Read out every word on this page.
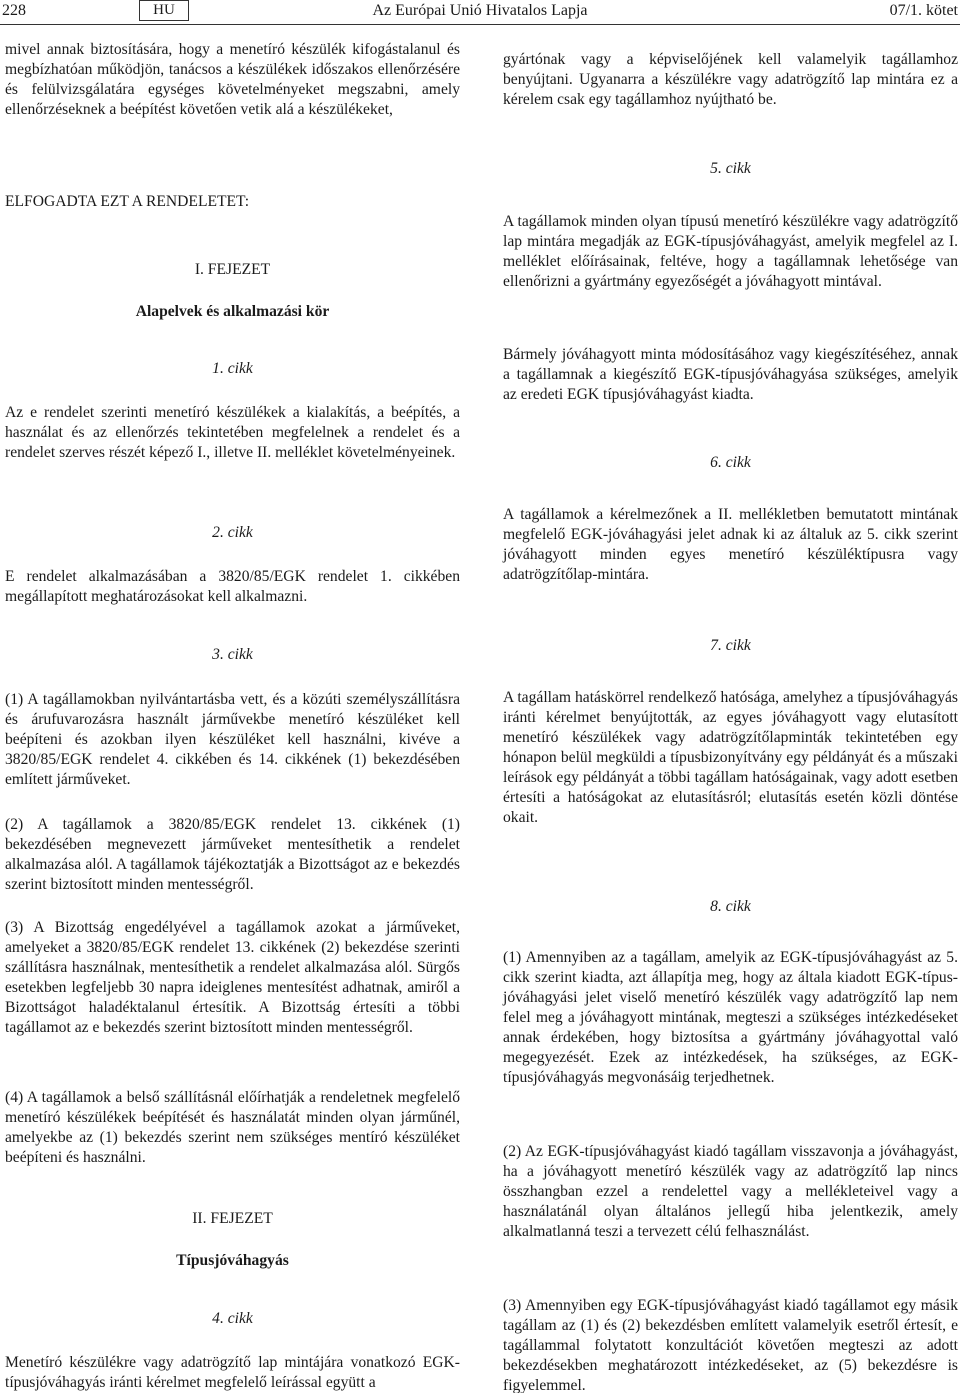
228	HU	Az Európai Unió Hivatalos Lapja	07/1. kötet

mivel annak biztosítására, hogy a menetíró készülék kifogástalanul és megbízhatóan működjön, tanácsos a készülékek időszakos ellenőrzésére és felülvizsgálatára egységes követelményeket megszabni, amely ellenőrzéseknek a beépítést követően vetik alá a készülékeket,

ELFOGADTA EZT A RENDELETET:
I. FEJEZET
Alapelvek és alkalmazási kör
1. cikk

Az e rendelet szerinti menetíró készülékek a kialakítás, a beépítés, a használat és az ellenőrzés tekintetében megfelelnek a rendelet és a rendelet szerves részét képező I., illetve II. melléklet követelményeinek.

2. cikk

E rendelet alkalmazásában a 3820/85/EGK rendelet 1. cikkében megállapított meghatározásokat kell alkalmazni.

3. cikk

(1) A tagállamokban nyilvántartásba vett, és a közúti személyszállításra és árufuvarozásra használt járművekbe menetíró készüléket kell beépíteni és azokban ilyen készüléket kell használni, kivéve a 3820/85/EGK rendelet 4. cikkében és 14. cikkének (1) bekezdésében említett járműveket.

(2) A tagállamok a 3820/85/EGK rendelet 13. cikkének (1) bekezdésében megnevezett járműveket mentesíthetik a rendelet alkalmazása alól. A tagállamok tájékoztatják a Bizottságot az e bekezdés szerint biztosított minden mentességről.

(3) A Bizottság engedélyével a tagállamok azokat a járműveket, amelyeket a 3820/85/EGK rendelet 13. cikkének (2) bekezdése szerinti szállításra használnak, mentesíthetik a rendelet alkalmazása alól. Sürgős esetekben legfeljebb 30 napra ideiglenes mentesítést adhatnak, amiről a Bizottságot haladéktalanul értesítik. A Bizottság értesíti a többi tagállamot az e bekezdés szerint biztosított minden mentességről.

(4) A tagállamok a belső szállításnál előírhatják a rendeletnek megfelelő menetíró készülékek beépítését és használatát minden olyan járműnél, amelyekbe az (1) bekezdés szerint nem szükséges mentíró készüléket beépíteni és használni.

II. FEJEZET
Típusjóváhagyás
4. cikk

Menetíró készülékre vagy adatrögzítő lap mintájára vonatkozó EGK-típusjóváhagyás iránti kérelmet megfelelő leírással együtt a

gyártónak vagy a képviselőjének kell valamelyik tagállamhoz benyújtani. Ugyanarra a készülékre vagy adatrögzítő lap mintára ez a kérelem csak egy tagállamhoz nyújtható be.

5. cikk

A tagállamok minden olyan típusú menetíró készülékre vagy adatrögzítő lap mintára megadják az EGK-típusjóváhagyást, amelyik megfelel az I. melléklet előírásainak, feltéve, hogy a tagállamnak lehetősége van ellenőrizni a gyártmány egyezőségét a jóváhagyott mintával.

Bármely jóváhagyott minta módosításához vagy kiegészítéséhez, annak a tagállamnak a kiegészítő EGK-típusjóváhagyása szükséges, amelyik az eredeti EGK típusjóváhagyást kiadta.

6. cikk

A tagállamok a kérelmezőnek a II. mellékletben bemutatott mintának megfelelő EGK-jóváhagyási jelet adnak ki az általuk az 5. cikk szerint jóváhagyott minden egyes menetíró készüléktípusra vagy adatrögzítőlap-mintára.

7. cikk

A tagállam hatáskörrel rendelkező hatósága, amelyhez a típusjóváhagyás iránti kérelmet benyújtották, az egyes jóváhagyott vagy elutasított menetíró készülékek vagy adatrögzítőlapminták tekintetében egy hónapon belül megküldi a típusbizonyítvány egy példányát és a műszaki leírások egy példányát a többi tagállam hatóságainak, vagy adott esetben értesíti a hatóságokat az elutasításról; elutasítás esetén közli döntése okait.

8. cikk

(1) Amennyiben az a tagállam, amelyik az EGK-típusjóváhagyást az 5. cikk szerint kiadta, azt állapítja meg, hogy az általa kiadott EGK-típus-jóváhagyási jelet viselő menetíró készülék vagy adatrögzítő lap nem felel meg a jóváhagyott mintának, megteszi a szükséges intézkedéseket annak érdekében, hogy biztosítsa a gyártmány jóváhagyottal való megegyezését. Ezek az intézkedések, ha szükséges, az EGK-típusjóváhagyás megvonásáig terjedhetnek.

(2) Az EGK-típusjóváhagyást kiadó tagállam visszavonja a jóváhagyást, ha a jóváhagyott menetíró készülék vagy az adatrögzítő lap nincs összhangban ezzel a rendelettel vagy a mellékleteivel vagy a használatánál olyan általános jellegű hiba jelentkezik, amely alkalmatlanná teszi a tervezett célú felhasználást.

(3) Amennyiben egy EGK-típusjóváhagyást kiadó tagállamot egy másik tagállam az (1) és (2) bekezdésben említett valamelyik esetről értesít, e tagállammal folytatott konzultációt követően megteszi az adott bekezdésekben meghatározott intézkedéseket, az (5) bekezdésre is figyelemmel.
